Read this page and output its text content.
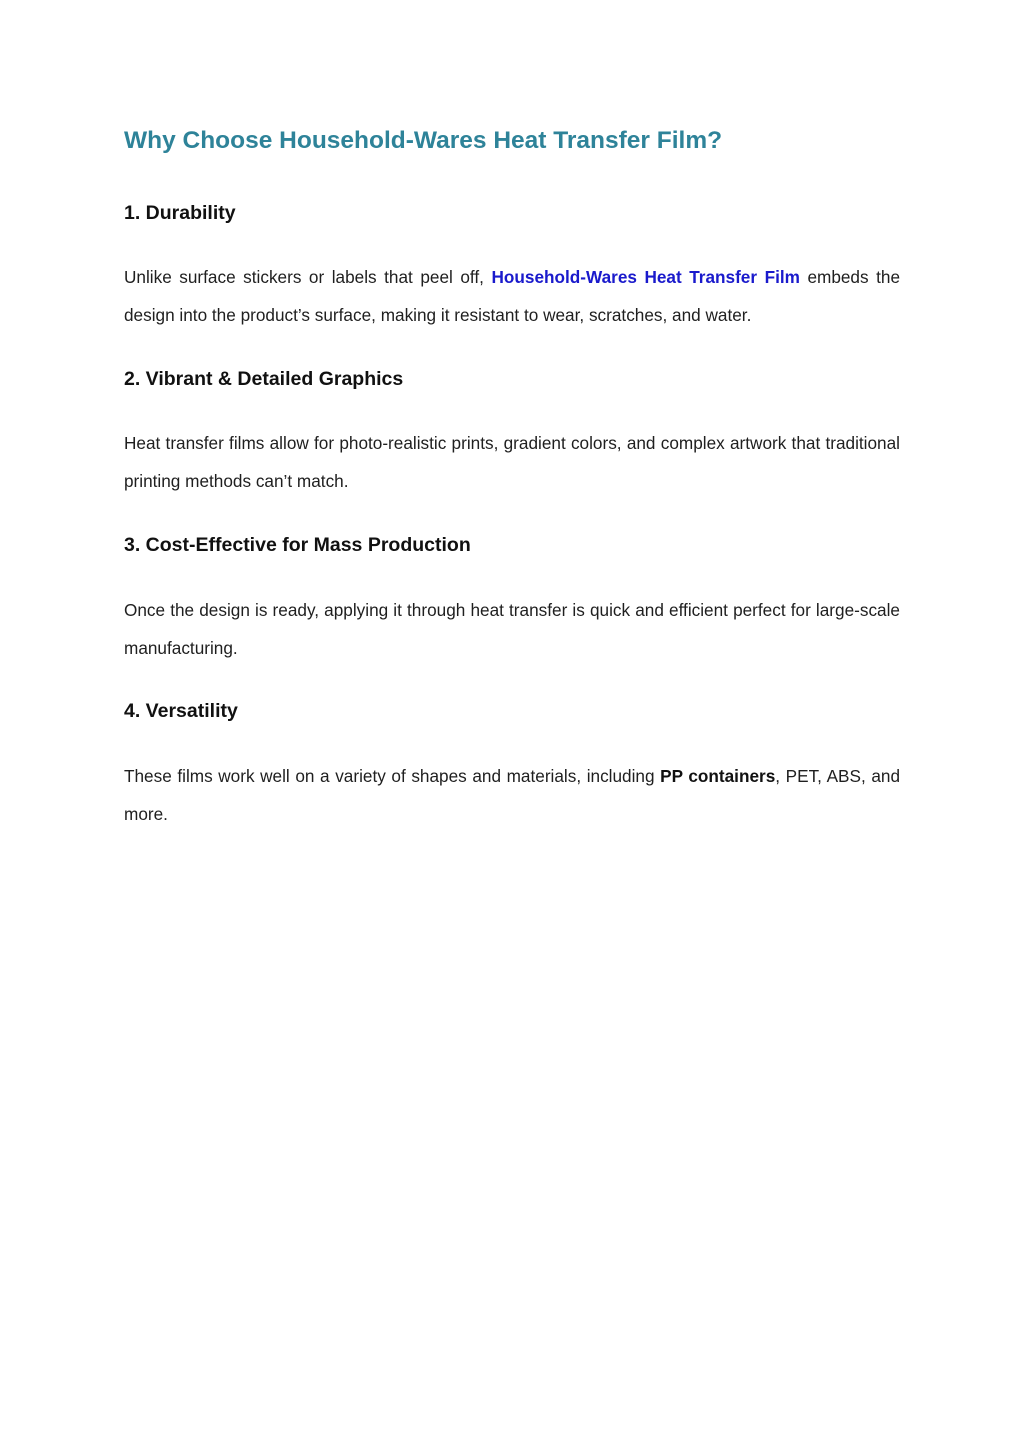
Why Choose Household-Wares Heat Transfer Film?
1. Durability

Unlike surface stickers or labels that peel off, Household-Wares Heat Transfer Film embeds the design into the product’s surface, making it resistant to wear, scratches, and water.

2. Vibrant & Detailed Graphics

Heat transfer films allow for photo-realistic prints, gradient colors, and complex artwork that traditional printing methods can’t match.

3. Cost-Effective for Mass Production

Once the design is ready, applying it through heat transfer is quick and efficient perfect for large-scale manufacturing.

4. Versatility

These films work well on a variety of shapes and materials, including PP containers, PET, ABS, and more.
